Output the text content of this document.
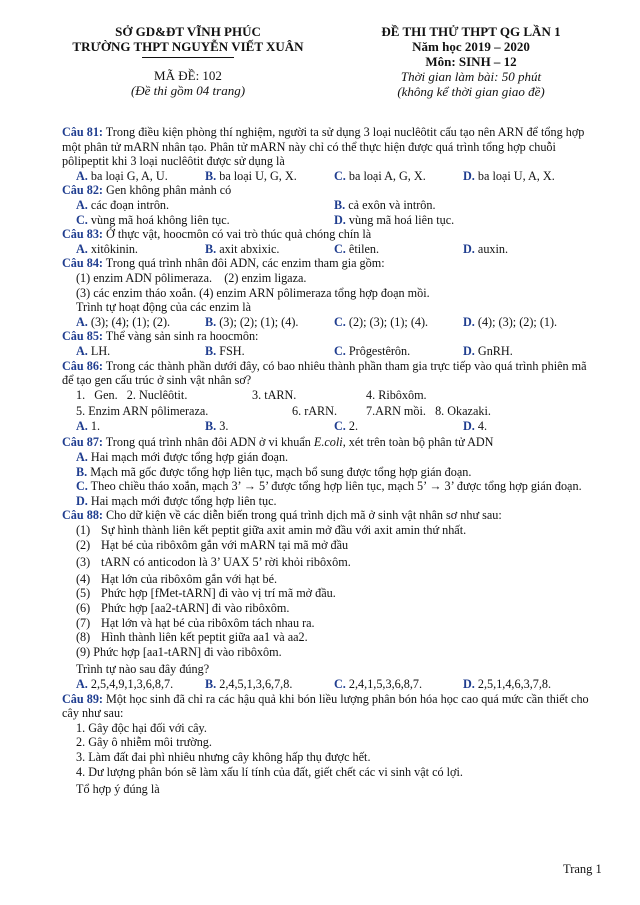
SỞ GD&ĐT VĨNH PHÚC
TRƯỜNG THPT NGUYỄN VIẾT XUÂN
MÃ ĐỀ: 102
(Đề thi gồm 04 trang)
ĐỀ THI THỬ THPT QG LẦN 1
Năm học 2019 – 2020
Môn: SINH – 12
Thời gian làm bài: 50 phút
(không kể thời gian giao đề)

Câu 81: Trong điều kiện phòng thí nghiệm, người ta sử dụng 3 loại nuclêôtit cấu tạo nên ARN để tổng hợp một phân tử mARN nhân tạo. Phân tử mARN này chỉ có thể thực hiện được quá trình tổng hợp chuỗi pôlipeptit khi 3 loại nuclêôtit được sử dụng là

A. ba loại G, A, U.	B. ba loại U, G, X.	C. ba loại A, G, X.	D. ba loại U, A, X.

Câu 82: Gen không phân mảnh có

A. các đoạn intrôn.	B. cả exôn và intrôn.
C. vùng mã hoá không liên tục.	D. vùng mã hoá liên tục.

Câu 83: Ở thực vật, hoocmôn có vai trò thúc quả chóng chín là

A. xitôkinin.	B. axit abxixic.	C. êtilen.	D. auxin.

Câu 84: Trong quá trình nhân đôi ADN, các enzim tham gia gồm:

(1) enzim ADN pôlimeraza.    (2) enzim ligaza.

(3) các enzim tháo xoắn. (4) enzim ARN pôlimeraza tổng hợp đoạn mồi.

Trình tự hoạt động của các enzim là

A. (3); (4); (1); (2).	B. (3); (2); (1); (4).	C. (2); (3); (1); (4).	D. (4); (3); (2); (1).

Câu 85: Thể vàng sản sinh ra hoocmôn:

A. LH.	B. FSH.	C. Prôgestêrôn.	D. GnRH.

Câu 86: Trong các thành phần dưới đây, có bao nhiêu thành phần tham gia trực tiếp vào quá trình phiên mã để tạo gen cấu trúc ở sinh vật nhân sơ?

1.   Gen.   2. Nuclêôtit.	3. tARN.	4. Ribôxôm.
5. Enzim ARN pôlimeraza.	6. rARN.	7.ARN mồi.   8. Okazaki.
A. 1.	B. 3.	C. 2.	D. 4.

Câu 87: Trong quá trình nhân đôi ADN ở vi khuẩn E.coli, xét trên toàn bộ phân tử ADN

A. Hai mạch mới được tổng hợp gián đoạn.

B. Mạch mã gốc được tổng hợp liên tục, mạch bổ sung được tổng hợp gián đoạn.

C. Theo chiều tháo xoắn, mạch 3’ → 5’ được tổng hợp liên tục, mạch 5’ → 3’ được tổng hợp gián đoạn.

D. Hai mạch mới được tổng hợp liên tục.

Câu 88: Cho dữ kiện về các diễn biến trong quá trình dịch mã ở sinh vật nhân sơ như sau:

(1) Sự hình thành liên kết peptit giữa axit amin mở đầu với axit amin thứ nhất.

(2) Hạt bé của ribôxôm gắn với mARN tại mã mở đầu

(3) tARN có anticodon là 3’ UAX 5’ rời khỏi ribôxôm.

(4) Hạt lớn của ribôxôm gắn với hạt bé.

(5) Phức hợp [fMet-tARN] đi vào vị trí mã mở đầu.

(6) Phức hợp [aa2-tARN] đi vào ribôxôm.

(7) Hạt lớn và hạt bé của ribôxôm tách nhau ra.

(8) Hình thành liên kết peptit giữa aa1 và aa2.

(9) Phức hợp [aa1-tARN] đi vào ribôxôm.

Trình tự nào sau đây đúng?

A. 2,5,4,9,1,3,6,8,7.	B. 2,4,5,1,3,6,7,8.	C. 2,4,1,5,3,6,8,7.	D. 2,5,1,4,6,3,7,8.

Câu 89: Một học sinh đã chỉ ra các hậu quả khi bón liều lượng phân bón hóa học cao quá mức cần thiết cho cây như sau:

1. Gây độc hại đối với cây.

2. Gây ô nhiễm môi trường.

3. Làm đất đai phì nhiêu nhưng cây không hấp thụ được hết.

4. Dư lượng phân bón sẽ làm xấu lí tính của đất, giết chết các vi sinh vật có lợi.

Tổ hợp ý đúng là

Trang 1
